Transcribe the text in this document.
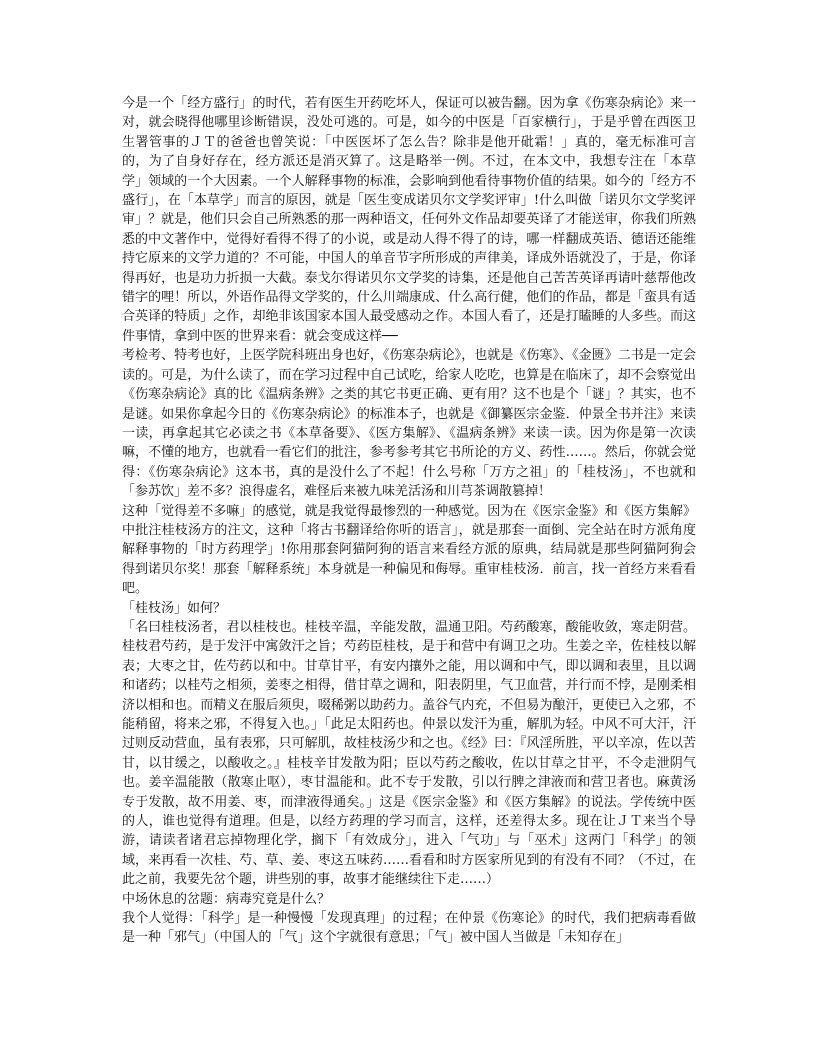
今是一个「经方盛行」的时代，若有医生开药吃坏人，保证可以被告翻。因为拿《伤寒杂病论》来一对，就会晓得他哪里诊断错误，没处可逃的。可是，如今的中医是「百家横行」，于是乎曾在西医卫生署管事的ＪＴ的爸爸也曾笑说：「中医医坏了怎么告？除非是他开砒霜！」真的，毫无标准可言的，为了自身好存在，经方派还是消灭算了。这是略举一例。不过，在本文中，我想专注在「本草学」领域的一个大因素。一个人解释事物的标准，会影响到他看待事物价值的结果。如今的「经方不盛行」，在「本草学」而言的原因，就是「医生变成诺贝尔文学奖评审」!什么叫做「诺贝尔文学奖评审」？就是，他们只会自己所熟悉的那一两种语文，任何外文作品却要英译了才能送审，你我们所熟悉的中文著作中，觉得好看得不得了的小说，或是动人得不得了的诗，哪一样翻成英语、德语还能维持它原来的文学力道的？不可能，中国人的单音节字所形成的声律美，译成外语就没了，于是，你译得再好，也是功力折损一大截。泰戈尔得诺贝尔文学奖的诗集，还是他自己苦苦英译再请叶慈帮他改错字的哩！所以，外语作品得文学奖的，什么川端康成、什么高行健，他们的作品，都是「蛮具有适合英译的特质」之作，却绝非该国家本国人最受感动之作。本国人看了，还是打瞌睡的人多些。而这件事情，拿到中医的世界来看：就会变成这样──

考检考、特考也好，上医学院科班出身也好，《伤寒杂病论》，也就是《伤寒》、《金匮》二书是一定会读的。可是，为什么读了，而在学习过程中自己试吃，给家人吃吃，也算是在临床了，却不会察觉出《伤寒杂病论》真的比《温病条辨》之类的其它书更正确、更有用？这不也是个「谜」？其实，也不是谜。如果你拿起今日的《伤寒杂病论》的标准本子，也就是《御纂医宗金鉴．仲景全书并注》来读一读，再拿起其它必读之书《本草备要》、《医方集解》、《温病条辨》来读一读。因为你是第一次读嘛，不懂的地方，也就看一看它们的批注，参考参考其它书所论的方义、药性……。然后，你就会觉得：《伤寒杂病论》这本书，真的是没什么了不起！什么号称「万方之祖」的「桂枝汤」，不也就和「参苏饮」差不多？浪得虚名，难怪后来被九味羌活汤和川芎茶调散篡掉！

这种「觉得差不多嘛」的感觉，就是我觉得最惨烈的一种感觉。因为在《医宗金鉴》和《医方集解》中批注桂枝汤方的注文，这种「将古书翻译给你听的语言」，就是那套一面倒、完全站在时方派角度解释事物的「时方药理学」!你用那套阿猫阿狗的语言来看经方派的原典，结局就是那些阿猫阿狗会得到诺贝尔奖！那套「解释系统」本身就是一种偏见和侮辱。重审桂枝汤．前言，找一首经方来看看吧。

「桂枝汤」如何？

「名曰桂枝汤者，君以桂枝也。桂枝辛温，辛能发散，温通卫阳。芍药酸寒，酸能收敛，寒走阴营。桂枝君芍药，是于发汗中寓敛汗之旨；芍药臣桂枝，是于和营中有调卫之功。生姜之辛，佐桂枝以解表；大枣之甘，佐芍药以和中。甘草甘平，有安内攘外之能，用以调和中气，即以调和表里，且以调和诸药；以桂芍之相须，姜枣之相得，借甘草之调和，阳表阴里，气卫血营，并行而不悖，是刚柔相济以相和也。而精义在服后须臾，啜稀粥以助药力。盖谷气内充，不但易为酿汗，更使已入之邪，不能稍留，将来之邪，不得复入也。」「此足太阳药也。仲景以发汗为重，解肌为轻。中风不可大汗，汗过则反动营血，虽有表邪，只可解肌，故桂枝汤少和之也。《经》曰：『风淫所胜，平以辛凉，佐以苦甘，以甘缓之，以酸收之。』桂枝辛甘发散为阳；臣以芍药之酸收，佐以甘草之甘平，不令走泄阴气也。姜辛温能散（散寒止呕），枣甘温能和。此不专于发散，引以行脾之津液而和营卫者也。麻黄汤专于发散，故不用姜、枣，而津液得通矣。」这是《医宗金鉴》和《医方集解》的说法。学传统中医的人，谁也觉得有道理。但是，以经方药理的学习而言，这样，还差得太多。现在让ＪＴ来当个导游，请读者诸君忘掉物理化学，搁下「有效成分」，进入「气功」与「巫术」这两门「科学」的领域，来再看一次桂、芍、草、姜、枣这五味药……看看和时方医家所见到的有没有不同？（不过，在此之前，我要先岔个题，讲些别的事，故事才能继续往下走……）

中场休息的岔题：病毒究竟是什么？

我个人觉得：「科学」是一种慢慢「发现真理」的过程；在仲景《伤寒论》的时代，我们把病毒看做是一种「邪气」（中国人的「气」这个字就很有意思；「气」被中国人当做是「未知存在」
